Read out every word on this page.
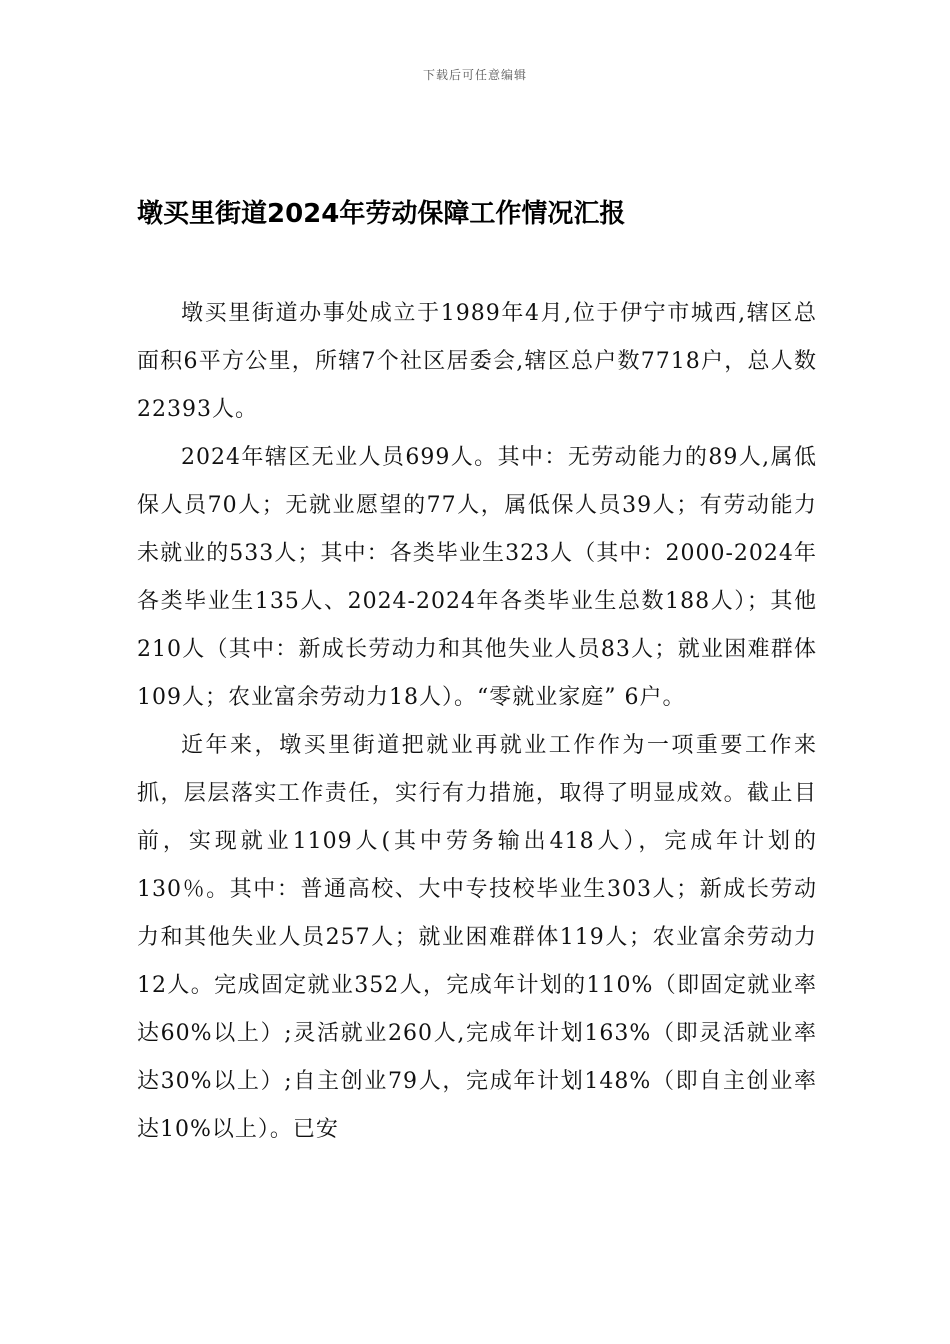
下载后可任意编辑
墩买里街道2024年劳动保障工作情况汇报

墩买里街道办事处成立于1989年4月,位于伊宁市城西,辖区总面积6平方公里，所辖7个社区居委会,辖区总户数7718户，总人数22393人。

2024年辖区无业人员699人。其中：无劳动能力的89人,属低保人员70人；无就业愿望的77人，属低保人员39人；有劳动能力未就业的533人；其中：各类毕业生323人（其中：2000-2024年各类毕业生135人、2024-2024年各类毕业生总数188人）；其他210人（其中：新成长劳动力和其他失业人员83人；就业困难群体109人；农业富余劳动力18人）。“零就业家庭” 6户。

近年来，墩买里街道把就业再就业工作作为一项重要工作来抓，层层落实工作责任，实行有力措施，取得了明显成效。截止目前，实现就业1109人(其中劳务输出418人），完成年计划的130％。其中：普通高校、大中专技校毕业生303人；新成长劳动力和其他失业人员257人；就业困难群体119人；农业富余劳动力12人。完成固定就业352人，完成年计划的110%（即固定就业率达60%以上）;灵活就业260人,完成年计划163%（即灵活就业率达30%以上）;自主创业79人，完成年计划148%（即自主创业率达10%以上）。已安
